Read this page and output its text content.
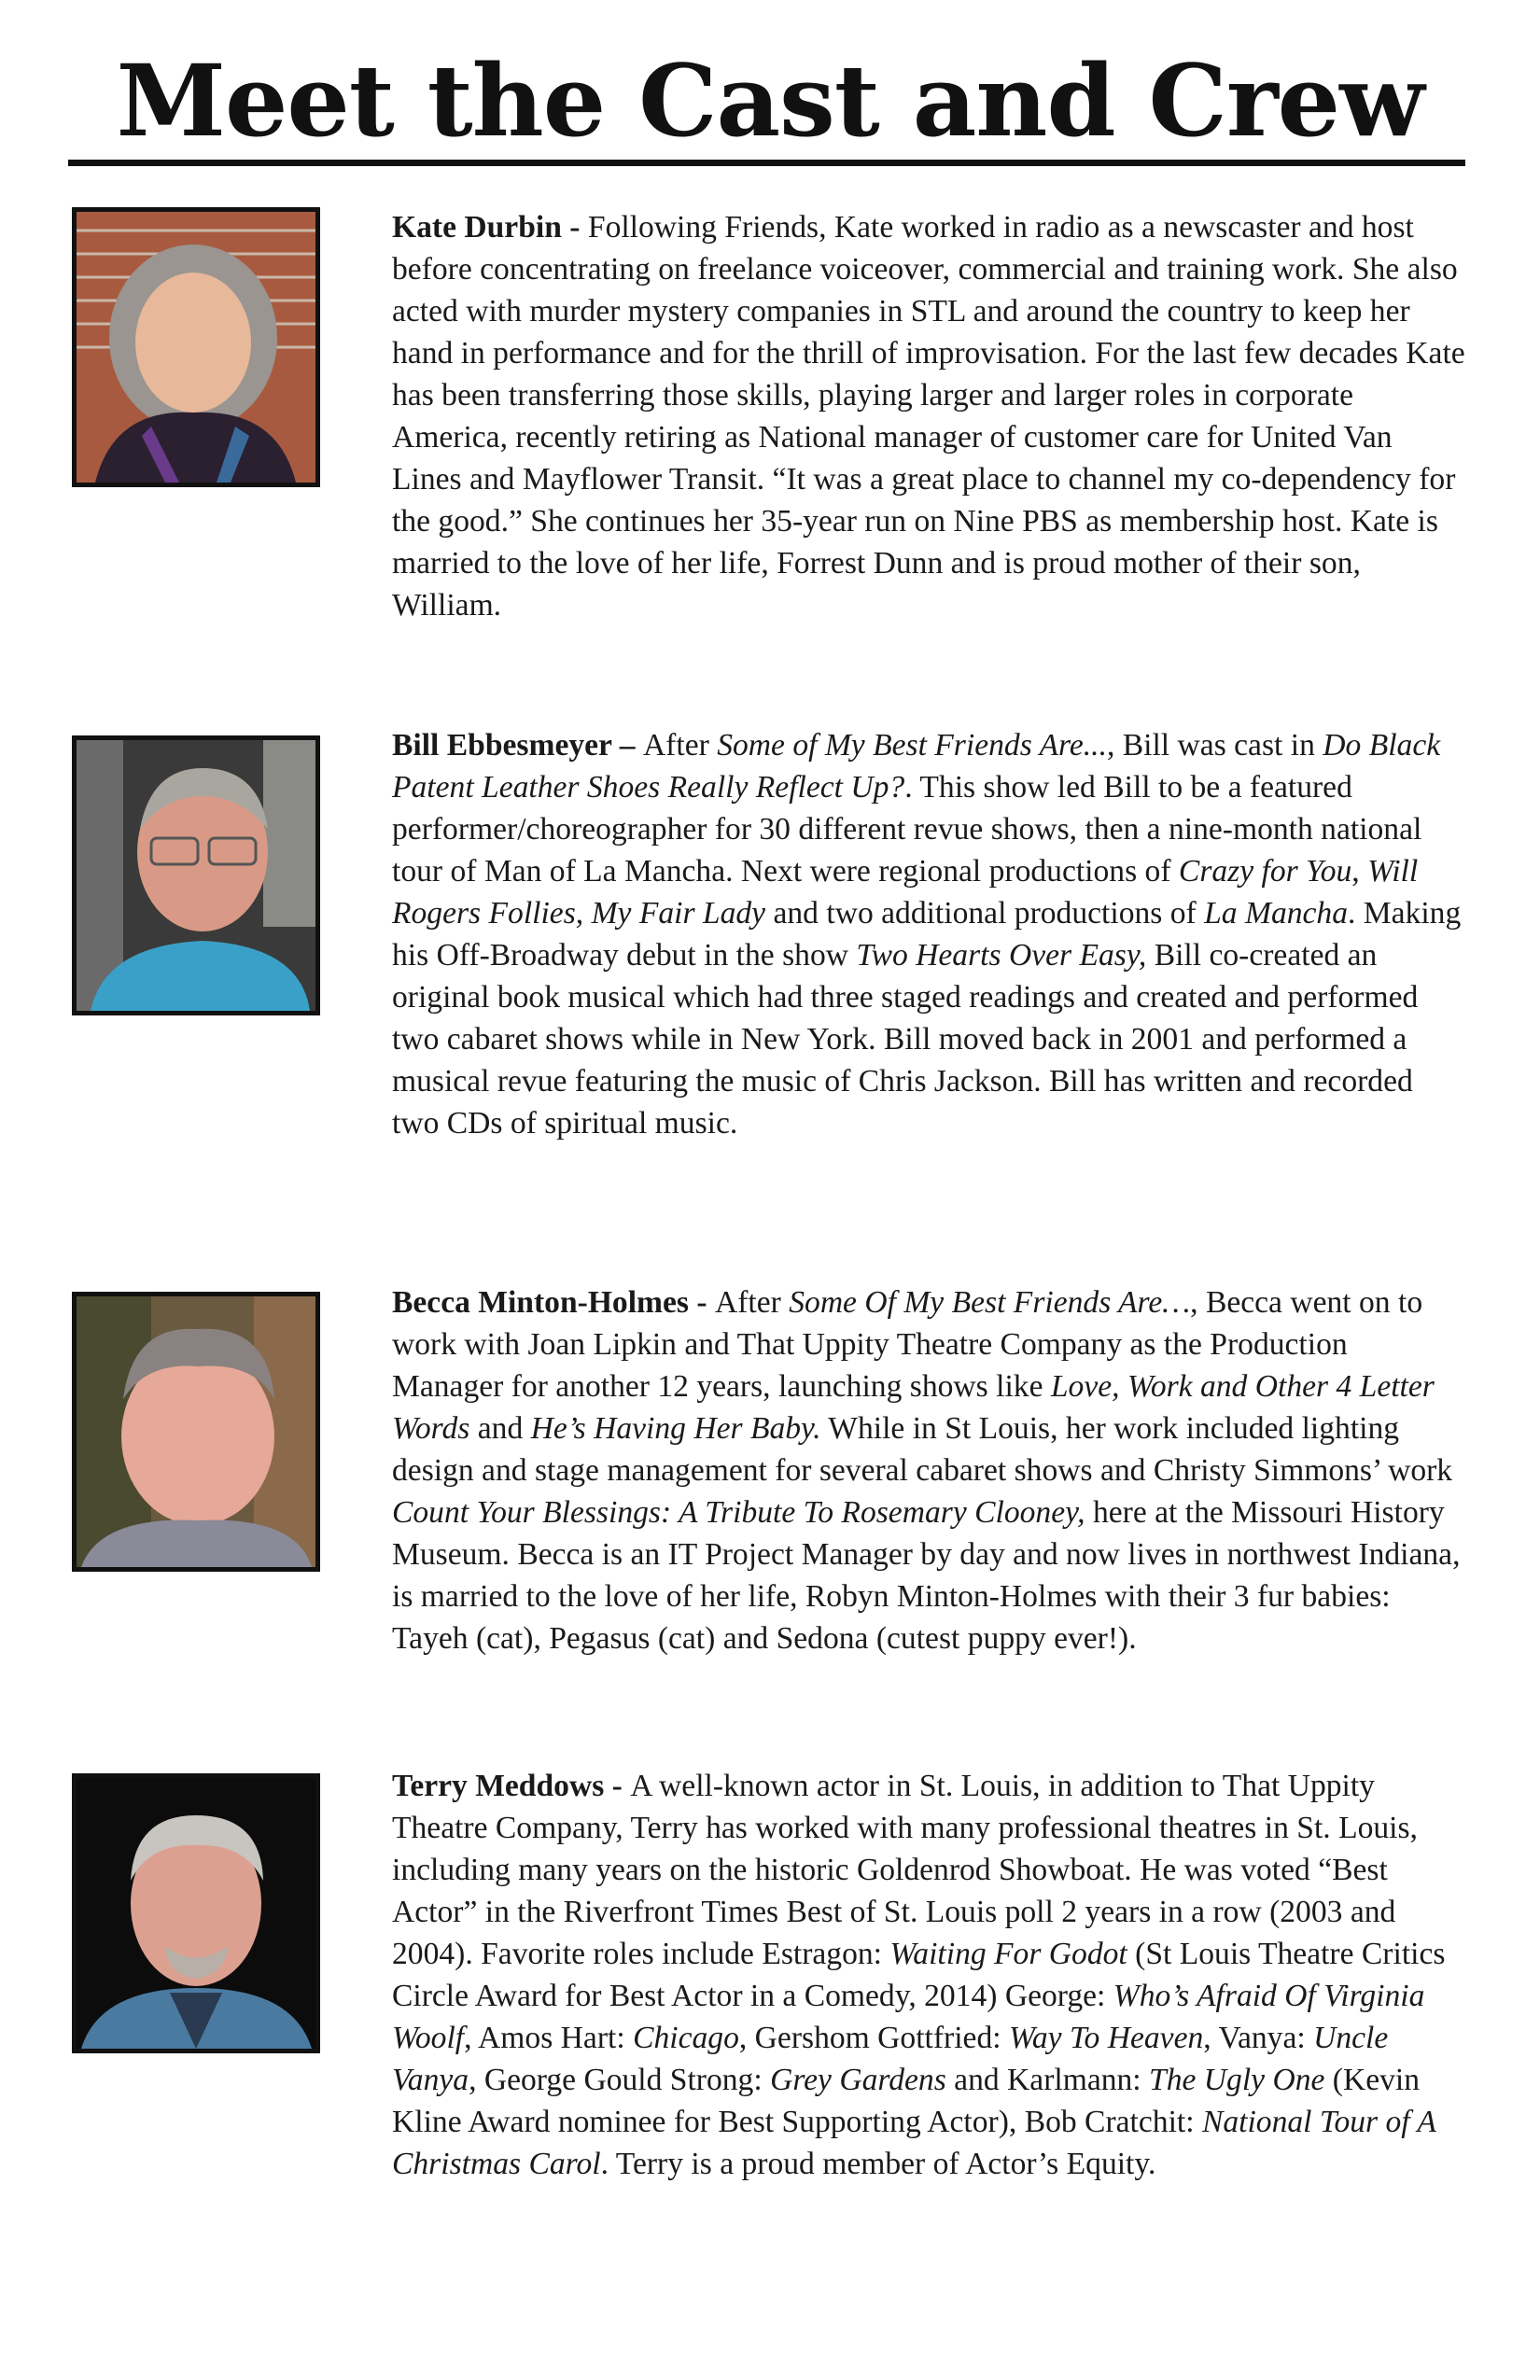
Meet the Cast and Crew
Kate Durbin - Following Friends, Kate worked in radio as a newscaster and host before concentrating on freelance voiceover, commercial and training work. She also acted with murder mystery companies in STL and around the country to keep her hand in performance and for the thrill of improvisation. For the last few decades Kate has been transferring those skills, playing larger and larger roles in corporate America, recently retiring as National manager of customer care for United Van Lines and Mayflower Transit. “It was a great place to channel my co-dependency for the good.” She continues her 35-year run on Nine PBS as membership host. Kate is married to the love of her life, Forrest Dunn and is proud mother of their son, William.
Bill Ebbesmeyer – After Some of My Best Friends Are..., Bill was cast in Do Black Patent Leather Shoes Really Reflect Up?. This show led Bill to be a featured performer/choreographer for 30 different revue shows, then a nine-month national tour of Man of La Mancha. Next were regional productions of Crazy for You, Will Rogers Follies, My Fair Lady and two additional productions of La Mancha. Making his Off-Broadway debut in the show Two Hearts Over Easy, Bill co-created an original book musical which had three staged readings and created and performed two cabaret shows while in New York. Bill moved back in 2001 and performed a musical revue featuring the music of Chris Jackson. Bill has written and recorded two CDs of spiritual music.
Becca Minton-Holmes - After Some Of My Best Friends Are…, Becca went on to work with Joan Lipkin and That Uppity Theatre Company as the Production Manager for another 12 years, launching shows like Love, Work and Other 4 Letter Words and He’s Having Her Baby. While in St Louis, her work included lighting design and stage management for several cabaret shows and Christy Simmons’ work Count Your Blessings: A Tribute To Rosemary Clooney, here at the Missouri History Museum. Becca is an IT Project Manager by day and now lives in northwest Indiana, is married to the love of her life, Robyn Minton-Holmes with their 3 fur babies: Tayeh (cat), Pegasus (cat) and Sedona (cutest puppy ever!).
Terry Meddows - A well-known actor in St. Louis, in addition to That Uppity Theatre Company, Terry has worked with many professional theatres in St. Louis, including many years on the historic Goldenrod Showboat. He was voted “Best Actor” in the Riverfront Times Best of St. Louis poll 2 years in a row (2003 and 2004). Favorite roles include Estragon: Waiting For Godot (St Louis Theatre Critics Circle Award for Best Actor in a Comedy, 2014) George: Who’s Afraid Of Virginia Woolf, Amos Hart: Chicago, Gershom Gottfried: Way To Heaven, Vanya: Uncle Vanya, George Gould Strong: Grey Gardens and Karlmann: The Ugly One (Kevin Kline Award nominee for Best Supporting Actor), Bob Cratchit: National Tour of A Christmas Carol. Terry is a proud member of Actor’s Equity.
